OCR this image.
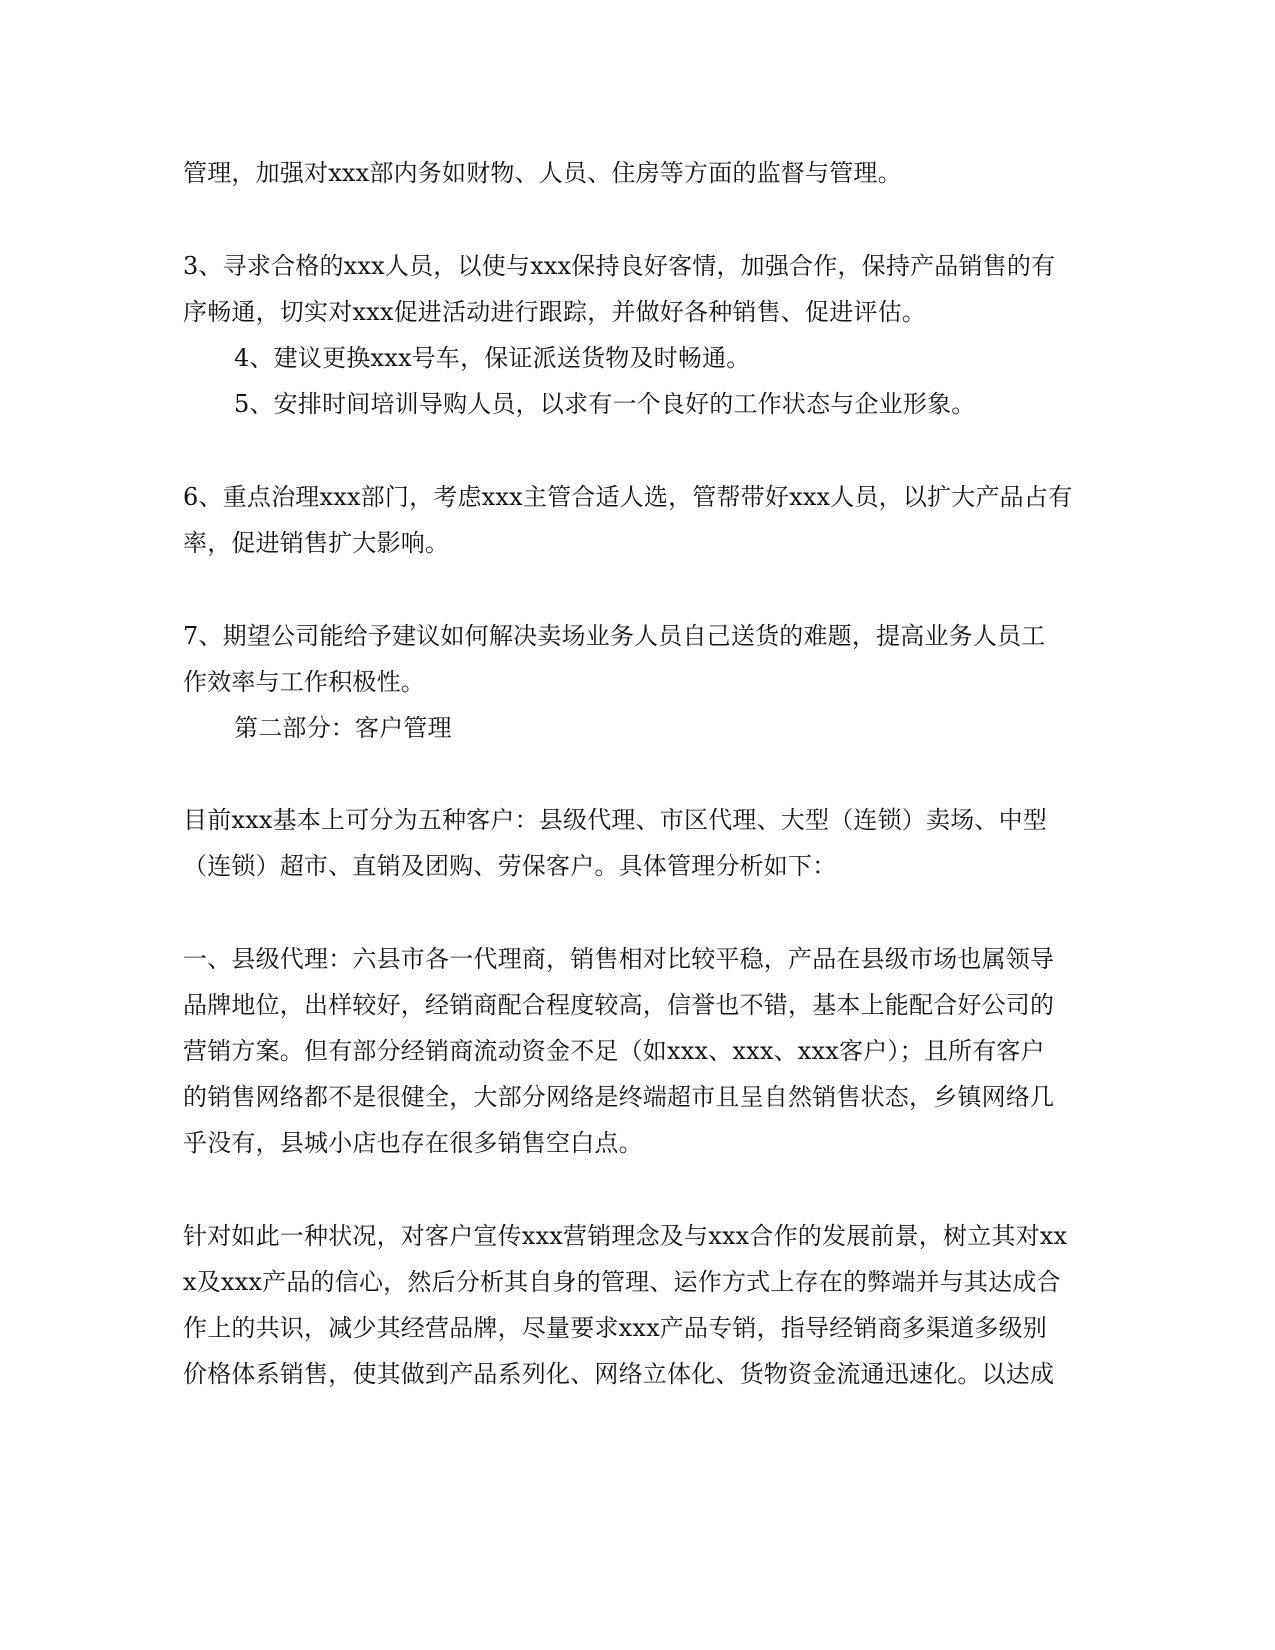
管理，加强对xxx部内务如财物、人员、住房等方面的监督与管理。
3、寻求合格的xxx人员，以使与xxx保持良好客情，加强合作，保持产品销售的有
序畅通，切实对xxx促进活动进行跟踪，并做好各种销售、促进评估。
4、建议更换xxx号车，保证派送货物及时畅通。
5、安排时间培训导购人员，以求有一个良好的工作状态与企业形象。
6、重点治理xxx部门，考虑xxx主管合适人选，管帮带好xxx人员，以扩大产品占有
率，促进销售扩大影响。
7、期望公司能给予建议如何解决卖场业务人员自己送货的难题，提高业务人员工
作效率与工作积极性。
第二部分：客户管理
目前xxx基本上可分为五种客户：县级代理、市区代理、大型（连锁）卖场、中型
（连锁）超市、直销及团购、劳保客户。具体管理分析如下：
一、县级代理：六县市各一代理商，销售相对比较平稳，产品在县级市场也属领导
品牌地位，出样较好，经销商配合程度较高，信誉也不错，基本上能配合好公司的
营销方案。但有部分经销商流动资金不足（如xxx、xxx、xxx客户）；且所有客户
的销售网络都不是很健全，大部分网络是终端超市且呈自然销售状态，乡镇网络几
乎没有，县城小店也存在很多销售空白点。
针对如此一种状况，对客户宣传xxx营销理念及与xxx合作的发展前景，树立其对xx
x及xxx产品的信心，然后分析其自身的管理、运作方式上存在的弊端并与其达成合
作上的共识，减少其经营品牌，尽量要求xxx产品专销，指导经销商多渠道多级别
价格体系销售，使其做到产品系列化、网络立体化、货物资金流通迅速化。以达成
